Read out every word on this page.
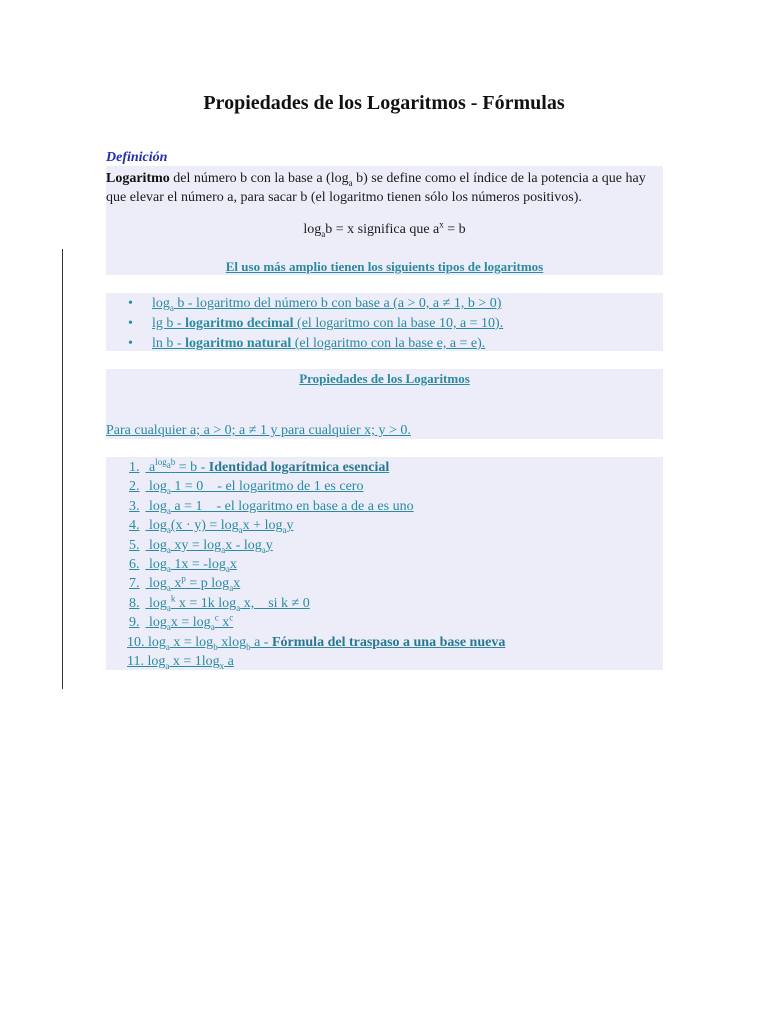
Propiedades de los Logaritmos - Fórmulas
Definición
Logaritmo del número b con la base a ($\log_a$ b) se define como el índice de la potencia a que hay que elevar el número a, para sacar b (el logaritmo tienen sólo los números positivos).
$\log_ab = x$ significa que $a^x = b$
El uso más amplio tienen los siguients tipos de logaritmos
• $\log_a b$ - logaritmo del número b con base a (a > 0, a ≠ 1, b > 0)
• lg b - logaritmo decimal (el logaritmo con la base 10, a = 10).
• ln b - logaritmo natural (el logaritmo con la base e, a = e).
Propiedades de los Logaritmos
Para cualquier a; a > 0; a ≠ 1 y para cualquier x; y > 0.
1. $a^{log_ab} = b$ - Identidad logarítmica esencial
2. $\log_a 1 = 0$    - el logaritmo de 1 es cero
3. $\log_a a = 1$    - el logaritmo en base a de a es uno
4. $\log_a(x \cdot y) = \log_ax + \log_ay$
5. $\log_a$ xy = $\log_ax - \log_ay$
6. $\log_a 1x = -\log_ax$
7. $\log_a x^p = p$ $\log_ax$
8. $\log_a^k x = 1k$ $\log_a x$,    si k ≠ 0
9. $\log_ax = \log_a^c x^c$
10. $\log_a x = \log_b xlog_b$ a - Fórmula del traspaso a una base nueva
11. $\log_a x = 1\log_x$ a
